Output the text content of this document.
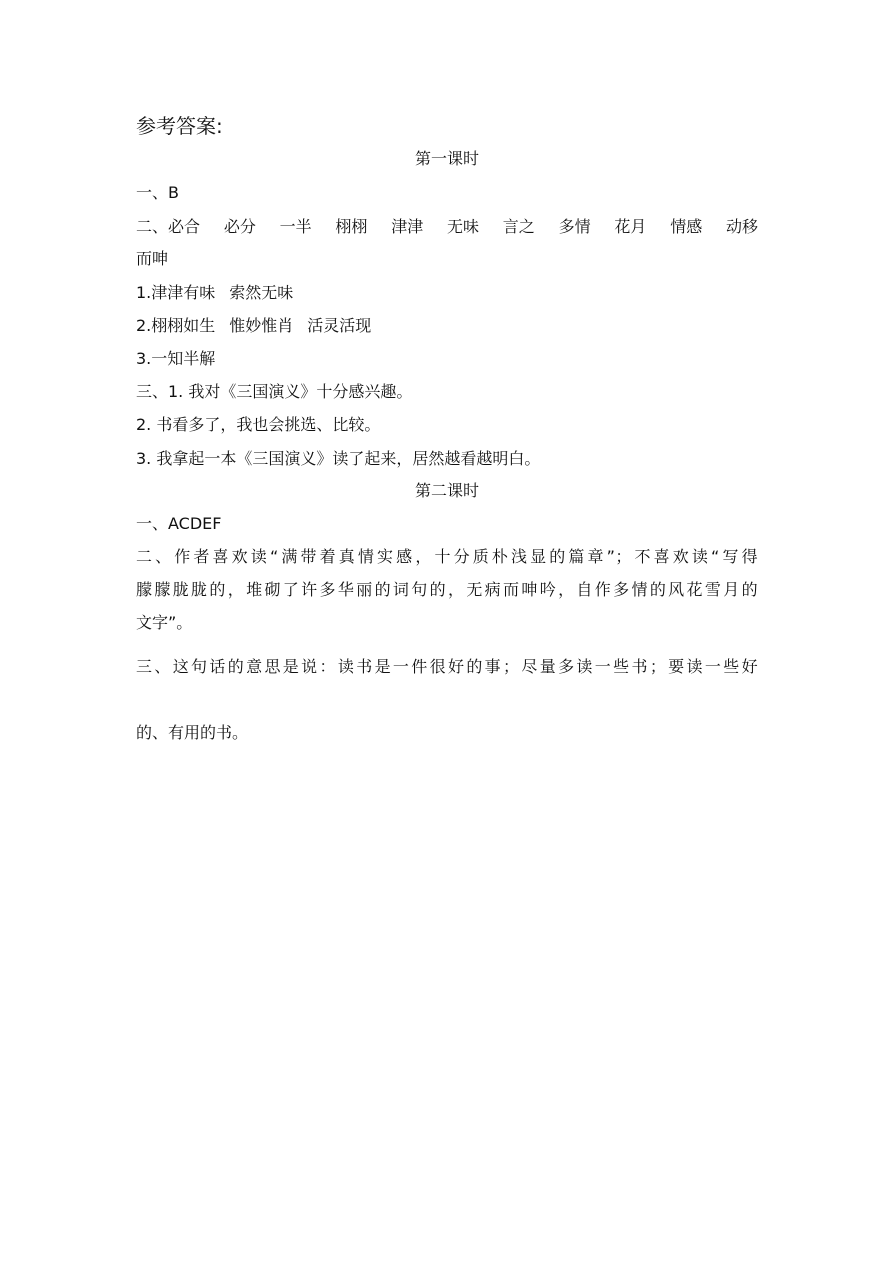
参考答案:
第一课时
一、B
二、必合 必分 一半 栩栩 津津 无味 言之 多情 花月 情感 动移
而呻
1.津津有味 索然无味
2.栩栩如生 惟妙惟肖 活灵活现
3.一知半解
三、1. 我对《三国演义》十分感兴趣。
2. 书看多了，我也会挑选、比较。
3. 我拿起一本《三国演义》读了起来，居然越看越明白。
第二课时
一、ACDEF
二、作者喜欢读“满带着真情实感，十分质朴浅显的篇章”；不喜欢读“写得
朦朦胧胧的，堆砌了许多华丽的词句的，无病而呻吟，自作多情的风花雪月的
文字”。
三、这句话的意思是说：读书是一件很好的事；尽量多读一些书；要读一些好
的、有用的书。
